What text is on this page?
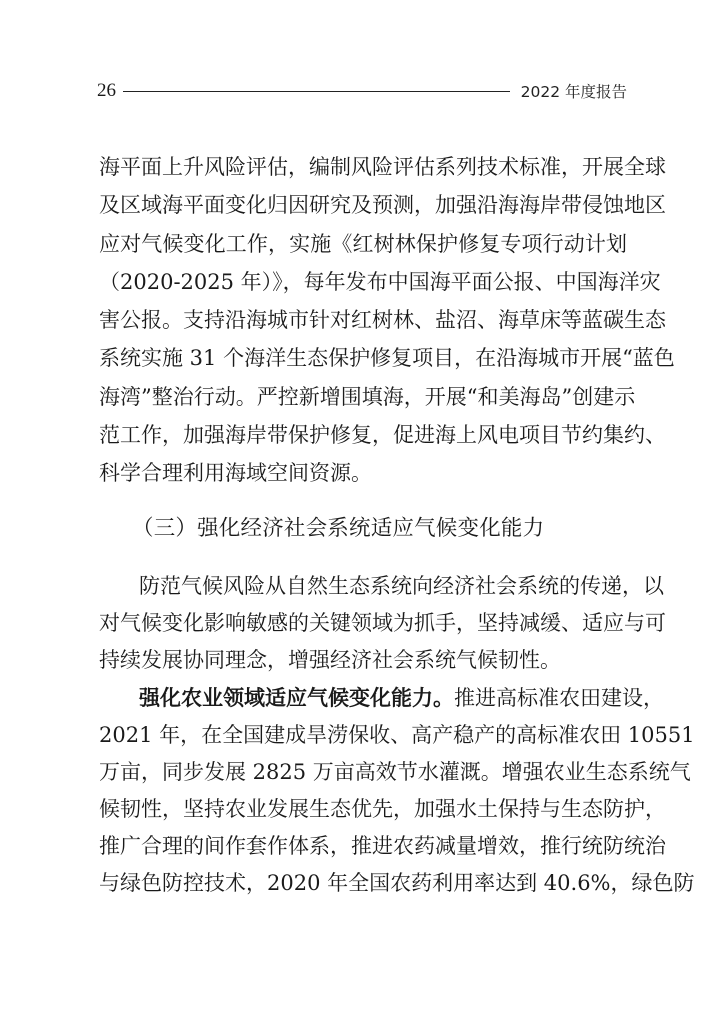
26	2022 年度报告
海平面上升风险评估，编制风险评估系列技术标准，开展全球
及区域海平面变化归因研究及预测，加强沿海海岸带侵蚀地区
应对气候变化工作，实施《红树林保护修复专项行动计划
（2020-2025 年）》，每年发布中国海平面公报、中国海洋灾
害公报。支持沿海城市针对红树林、盐沼、海草床等蓝碳生态
系统实施 31 个海洋生态保护修复项目，在沿海城市开展“蓝色
海湾”整治行动。严控新增围填海，开展“和美海岛”创建示
范工作，加强海岸带保护修复，促进海上风电项目节约集约、
科学合理利用海域空间资源。
（三）强化经济社会系统适应气候变化能力
防范气候风险从自然生态系统向经济社会系统的传递，以
对气候变化影响敏感的关键领域为抓手，坚持减缓、适应与可
持续发展协同理念，增强经济社会系统气候韧性。
强化农业领域适应气候变化能力。推进高标准农田建设，
2021 年，在全国建成旱涝保收、高产稳产的高标准农田 10551
万亩，同步发展 2825 万亩高效节水灌溉。增强农业生态系统气
候韧性，坚持农业发展生态优先，加强水土保持与生态防护，
推广合理的间作套作体系，推进农药减量增效，推行统防统治
与绿色防控技术，2020 年全国农药利用率达到 40.6%，绿色防
